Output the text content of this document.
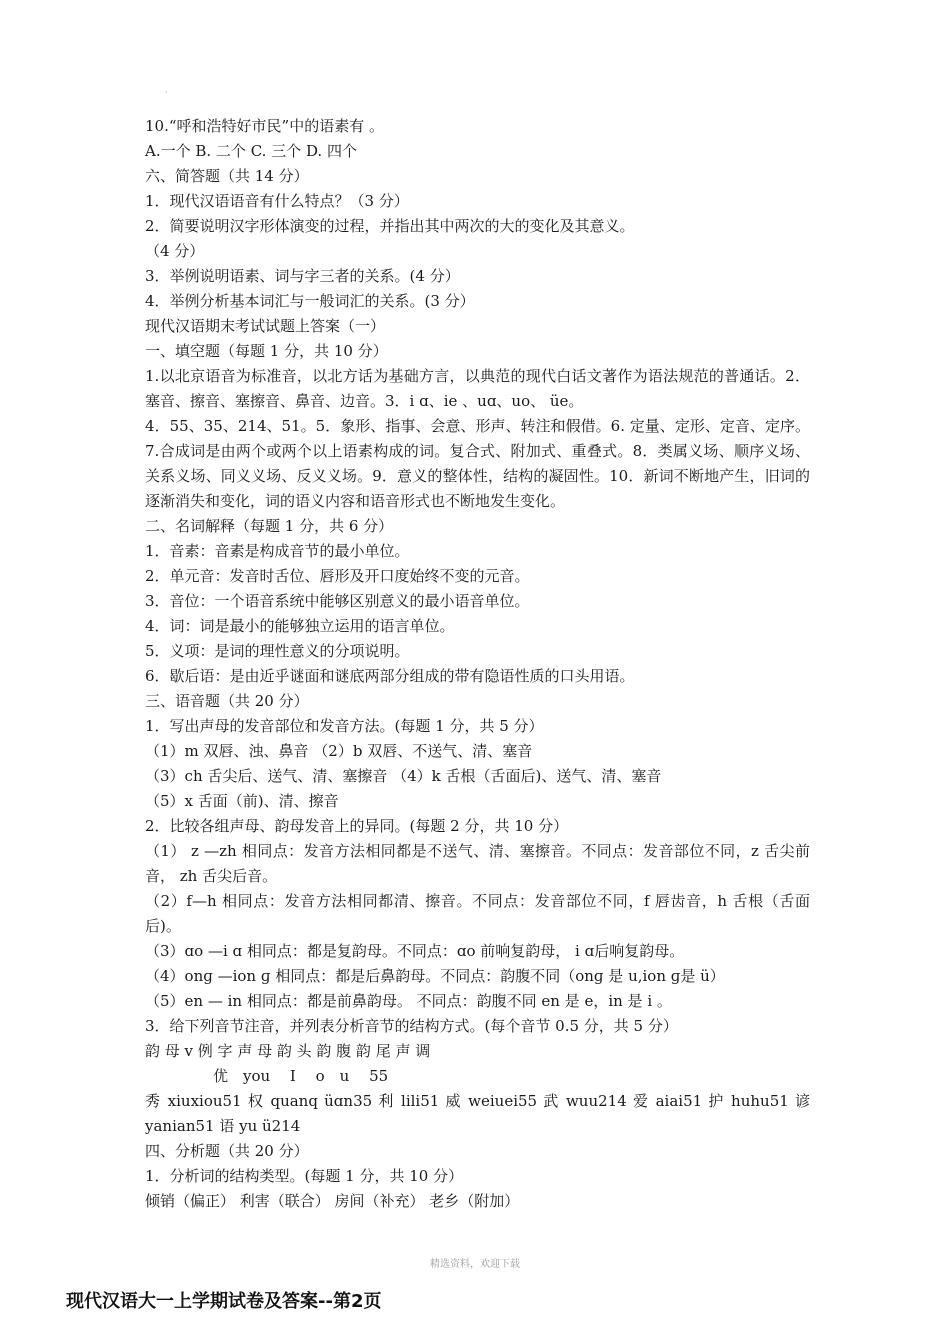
·
10.“呼和浩特好市民”中的语素有 。
A.一个 B. 二个 C. 三个 D. 四个
六、简答题（共 14 分）
1．现代汉语语音有什么特点？（3 分）
2．简要说明汉字形体演变的过程，并指出其中两次的大的变化及其意义。
（4 分）
3．举例说明语素、词与字三者的关系。(4 分）
4．举例分析基本词汇与一般词汇的关系。(3 分）
现代汉语期末考试试题上答案（一）
一、填空题（每题 1 分，共 10 分）
1.以北京语音为标准音，以北方话为基础方言，以典范的现代白话文著作为语法规范的普通话。2．塞音、擦音、塞擦音、鼻音、边音。3．i ɑ、ie 、uɑ、uo、 üe。
4．55、35、214、51。5．象形、指事、会意、形声、转注和假借。6. 定量、定形、定音、定序。7.合成词是由两个或两个以上语素构成的词。复合式、附加式、重叠式。8．类属义场、顺序义场、关系义场、同义义场、反义义场。9．意义的整体性，结构的凝固性。10．新词不断地产生，旧词的逐渐消失和变化，词的语义内容和语音形式也不断地发生变化。
二、名词解释（每题 1 分，共 6 分）
1．音素：音素是构成音节的最小单位。
2．单元音：发音时舌位、唇形及开口度始终不变的元音。
3．音位：一个语音系统中能够区别意义的最小语音单位。
4．词：词是最小的能够独立运用的语言单位。
5．义项：是词的理性意义的分项说明。
6．歇后语：是由近乎谜面和谜底两部分组成的带有隐语性质的口头用语。
三、语音题（共 20 分）
1．写出声母的发音部位和发音方法。(每题 1 分，共 5 分）
（1）m 双唇、浊、鼻音 （2）b 双唇、不送气、清、塞音
（3）ch 舌尖后、送气、清、塞擦音 （4）k 舌根（舌面后)、送气、清、塞音
（5）x 舌面（前)、清、擦音
2．比较各组声母、韵母发音上的异同。(每题 2 分，共 10 分）
（1） z —zh 相同点：发音方法相同都是不送气、清、塞擦音。不同点：发音部位不同，z 舌尖前音， zh 舌尖后音。
（2）f—h 相同点：发音方法相同都清、擦音。不同点：发音部位不同，f 唇齿音，h 舌根（舌面后)。
（3）ɑo —i ɑ 相同点：都是复韵母。不同点：ɑo 前响复韵母， i ɑ后响复韵母。
（4）onɡ —ion ɡ 相同点：都是后鼻韵母。不同点：韵腹不同（onɡ 是 u,ion ɡ是 ü）
（5）en — in 相同点：都是前鼻韵母。 不同点：韵腹不同 en 是 e，in 是 i 。
3．给下列音节注音，并列表分析音节的结构方式。(每个音节 0.5 分，共 5 分）
韵 母 v 例 字 声 母 韵 头 韵 腹 韵 尾 声 调
优　you　 I　 o　u　 55
秀 xiuxiou51 权 quanq üɑn35 利 lili51 威 weiuei55 武 wuu214 爱 aiai51 护 huhu51 谚 yanian51 语 yu ü214
四、分析题（共 20 分）
1．分析词的结构类型。(每题 1 分，共 10 分）
倾销（偏正） 利害（联合） 房间（补充） 老乡（附加）
精选资料，欢迎下载
现代汉语大一上学期试卷及答案--第2页
